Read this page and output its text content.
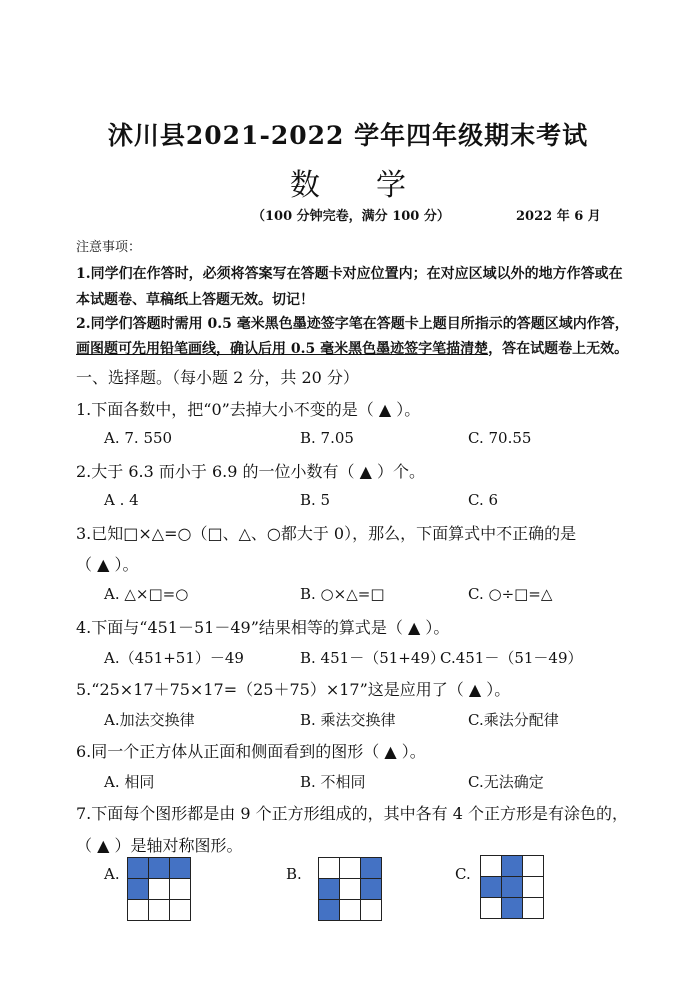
沭川县2021-2022 学年四年级期末考试
数 学
（100 分钟完卷，满分 100 分）	2022 年 6 月
注意事项：
1.同学们在作答时，必须将答案写在答题卡对应位置内；在对应区域以外的地方作答或在
本试题卷、草稿纸上答题无效。切记！
2.同学们答题时需用 0.5 毫米黑色墨迹签字笔在答题卡上题目所指示的答题区域内作答，
画图题可先用铅笔画线，确认后用 0.5 毫米黑色墨迹签字笔描清楚，答在试题卷上无效。
一、选择题。（每小题 2 分，共 20 分）
1.下面各数中，把“0”去掉大小不变的是（ ▲ ）。
A. 7. 550	B. 7.05	C. 70.55
2.大于 6.3 而小于 6.9 的一位小数有（ ▲ ）个。
A . 4	B. 5	C. 6
3.已知□×△=○（□、△、○都大于 0），那么，下面算式中不正确的是
（ ▲ ）。
A. △×□=○	B. ○×△=□	C. ○÷□=△
4.下面与“451－51－49”结果相等的算式是（ ▲ ）。
A.（451+51）－49	B. 451－（51+49）
C.451－（51－49）
5.“25×17＋75×17=（25＋75）×17”这是应用了（ ▲ ）。
A.加法交换律	B. 乘法交换律	C.乘法分配律
6.同一个正方体从正面和侧面看到的图形（ ▲ ）。
A. 相同	B. 不相同	C.无法确定
7.下面每个图形都是由 9 个正方形组成的，其中各有 4 个正方形是有涂色的，
（ ▲ ）是轴对称图形。
A.	B.	C.
